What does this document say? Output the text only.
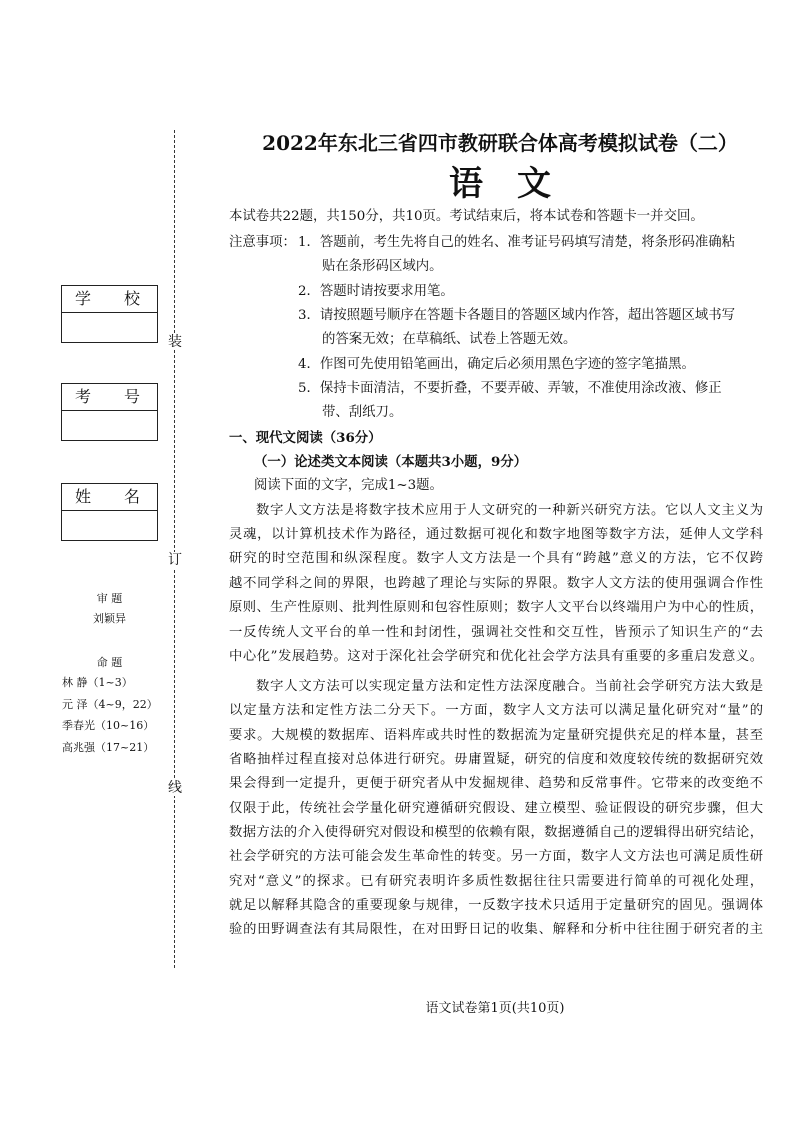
装
订
线
学 校
考 号
姓 名
审 题
刘颖异
命 题
林 静（1~3）
元 泽（4~9，22）
季春光（10~16）
高兆强（17~21）
2022年东北三省四市教研联合体高考模拟试卷（二）
语文
本试卷共22题，共150分，共10页。考试结束后，将本试卷和答题卡一并交回。
注意事项： 1．答题前，考生先将自己的姓名、准考证号码填写清楚，将条形码准确粘
贴在条形码区域内。
2．答题时请按要求用笔。
3．请按照题号顺序在答题卡各题目的答题区域内作答，超出答题区域书写
的答案无效；在草稿纸、试卷上答题无效。
4．作图可先使用铅笔画出，确定后必须用黑色字迹的签字笔描黑。
5．保持卡面清洁，不要折叠，不要弄破、弄皱，不准使用涂改液、修正
带、刮纸刀。
一、现代文阅读（36分）
（一）论述类文本阅读（本题共3小题，9分）
阅读下面的文字，完成1~3题。
数字人文方法是将数字技术应用于人文研究的一种新兴研究方法。它以人文主义为
灵魂，以计算机技术作为路径，通过数据可视化和数字地图等数字方法，延伸人文学科
研究的时空范围和纵深程度。数字人文方法是一个具有“跨越”意义的方法，它不仅跨
越不同学科之间的界限，也跨越了理论与实际的界限。数字人文方法的使用强调合作性
原则、生产性原则、批判性原则和包容性原则；数字人文平台以终端用户为中心的性质，
一反传统人文平台的单一性和封闭性，强调社交性和交互性，皆预示了知识生产的“去
中心化”发展趋势。这对于深化社会学研究和优化社会学方法具有重要的多重启发意义。
数字人文方法可以实现定量方法和定性方法深度融合。当前社会学研究方法大致是
以定量方法和定性方法二分天下。一方面，数字人文方法可以满足量化研究对“量”的
要求。大规模的数据库、语料库或共时性的数据流为定量研究提供充足的样本量，甚至
省略抽样过程直接对总体进行研究。毋庸置疑，研究的信度和效度较传统的数据研究效
果会得到一定提升，更便于研究者从中发掘规律、趋势和反常事件。它带来的改变绝不
仅限于此，传统社会学量化研究遵循研究假设、建立模型、验证假设的研究步骤，但大
数据方法的介入使得研究对假设和模型的依赖有限，数据遵循自己的逻辑得出研究结论，
社会学研究的方法可能会发生革命性的转变。另一方面，数字人文方法也可满足质性研
究对“意义”的探求。已有研究表明许多质性数据往往只需要进行简单的可视化处理，
就足以解释其隐含的重要现象与规律，一反数字技术只适用于定量研究的固见。强调体
验的田野调查法有其局限性，在对田野日记的收集、解释和分析中往往囿于研究者的主
语文试卷第1页(共10页)
